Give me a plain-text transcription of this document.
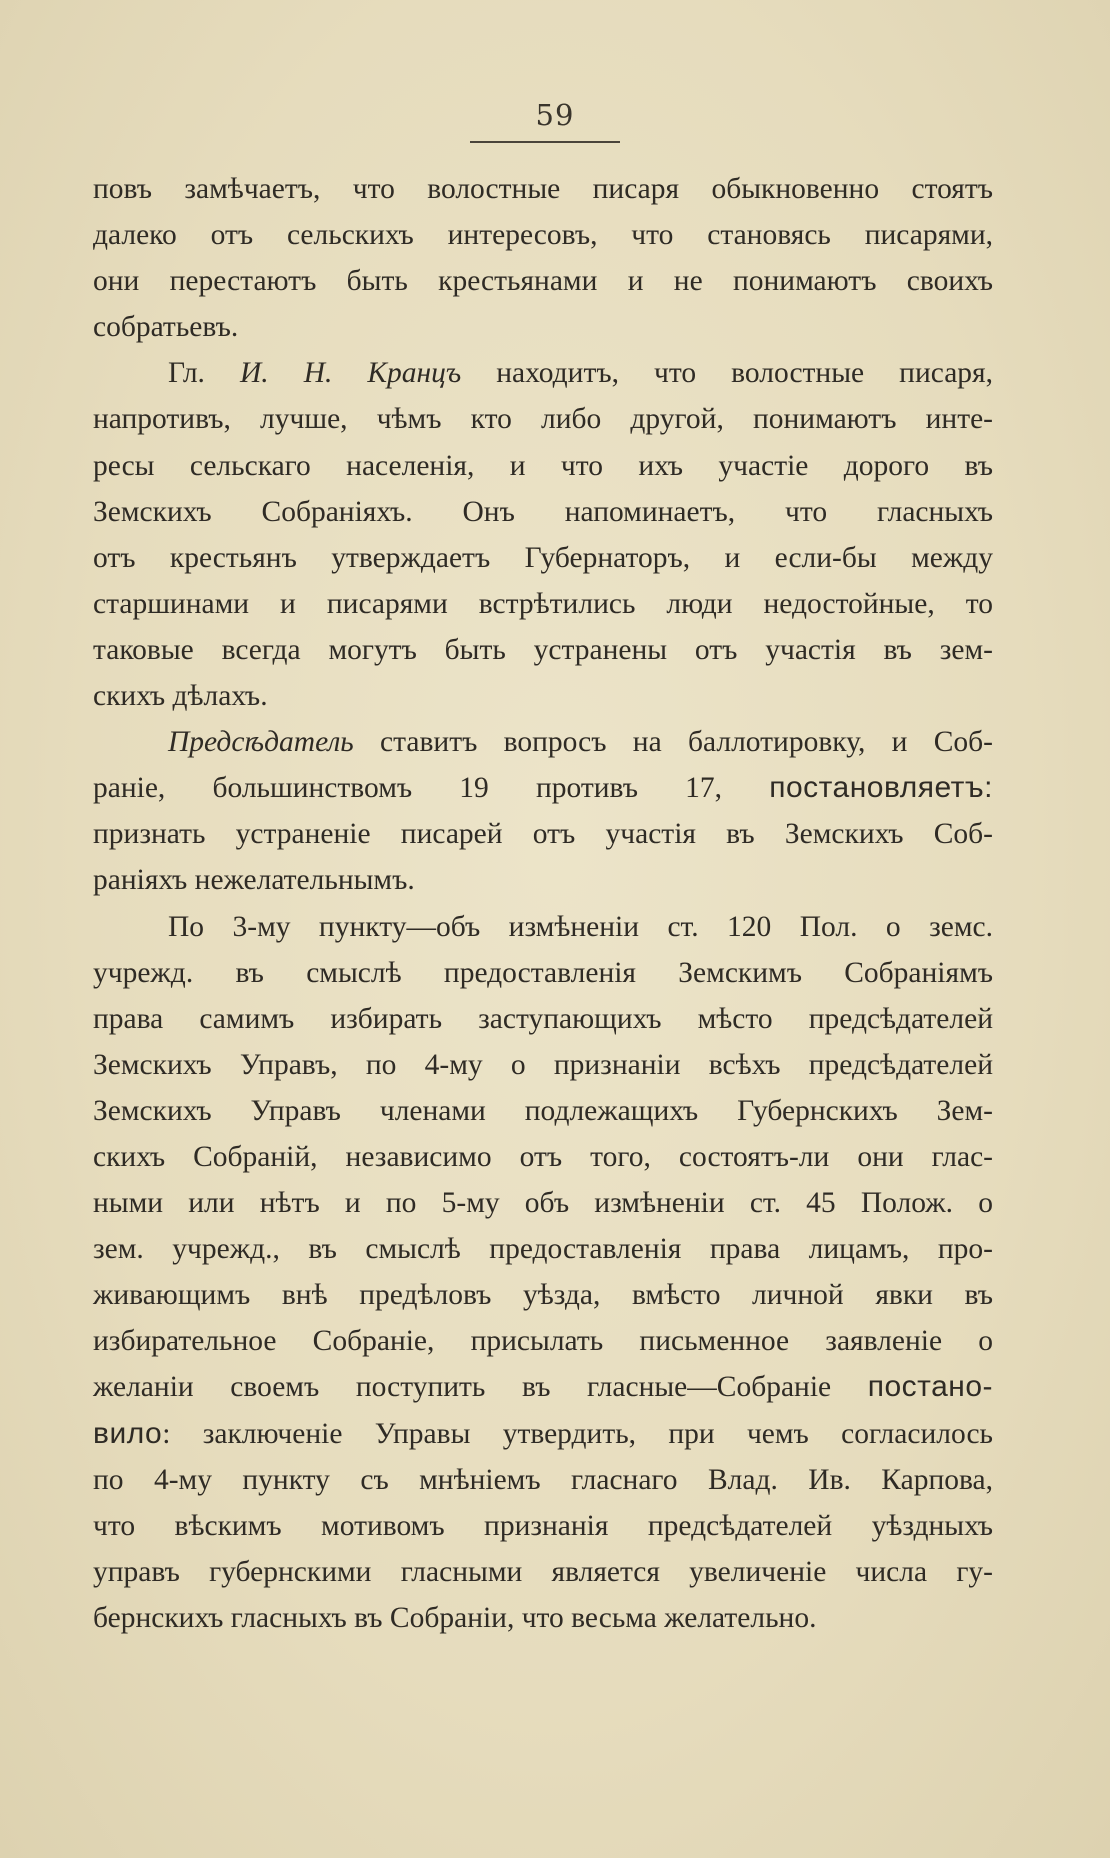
59
повъ замѣчаетъ, что волостные писаря обыкновенно стоятъ
далеко отъ сельскихъ интересовъ, что становясь писарями,
они перестаютъ быть крестьянами и не понимаютъ своихъ
собратьевъ.
Гл. И. Н. Кранцъ находитъ, что волостные писаря,
напротивъ, лучше, чѣмъ кто либо другой, понимаютъ инте-
ресы сельскаго населенія, и что ихъ участіе дорого въ
Земскихъ Собраніяхъ. Онъ напоминаетъ, что гласныхъ
отъ крестьянъ утверждаетъ Губернаторъ, и если-бы между
старшинами и писарями встрѣтились люди недостойные, то
таковые всегда могутъ быть устранены отъ участія въ зем-
скихъ дѣлахъ.
Предсѣдатель ставитъ вопросъ на баллотировку, и Соб-
раніе, большинствомъ 19 противъ 17, постановляетъ:
признать устраненіе писарей отъ участія въ Земскихъ Соб-
раніяхъ нежелательнымъ.
По 3-му пункту—объ измѣненіи ст. 120 Пол. о земс.
учрежд. въ смыслѣ предоставленія Земскимъ Собраніямъ
права самимъ избирать заступающихъ мѣсто предсѣдателей
Земскихъ Управъ, по 4-му о признаніи всѣхъ предсѣдателей
Земскихъ Управъ членами подлежащихъ Губернскихъ Зем-
скихъ Собраній, независимо отъ того, состоятъ-ли они глас-
ными или нѣтъ и по 5-му объ измѣненіи ст. 45 Полож. о
зем. учрежд., въ смыслѣ предоставленія права лицамъ, про-
живающимъ внѣ предѣловъ уѣзда, вмѣсто личной явки въ
избирательное Собраніе, присылать письменное заявленіе о
желаніи своемъ поступить въ гласные—Собраніе постано-
вило: заключеніе Управы утвердить, при чемъ согласилось
по 4-му пункту съ мнѣніемъ гласнаго Влад. Ив. Карпова,
что вѣскимъ мотивомъ признанія предсѣдателей уѣздныхъ
управъ губернскими гласными является увеличеніе числа гу-
бернскихъ гласныхъ въ Собраніи, что весьма желательно.
